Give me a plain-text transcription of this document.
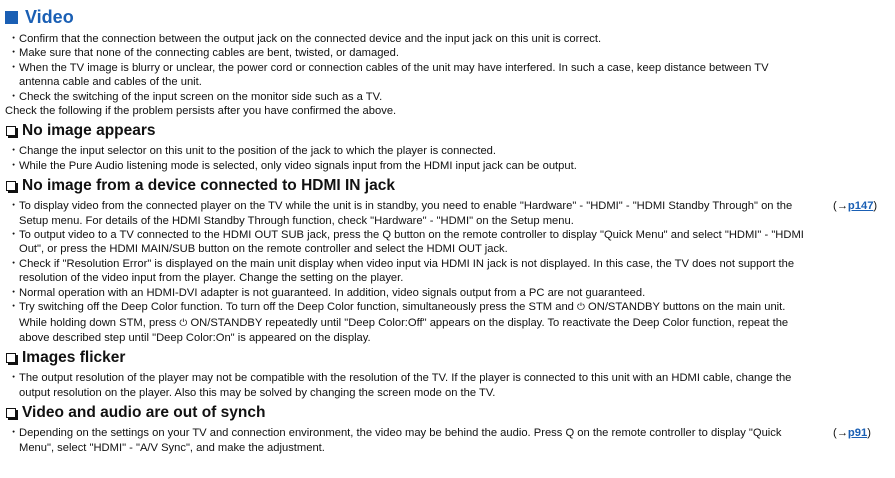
Video
・ Confirm that the connection between the output jack on the connected device and the input jack on this unit is correct.
・ Make sure that none of the connecting cables are bent, twisted, or damaged.
・ When the TV image is blurry or unclear, the power cord or connection cables of the unit may have interfered. In such a case, keep distance between TV antenna cable and cables of the unit.
・ Check the switching of the input screen on the monitor side such as a TV.
Check the following if the problem persists after you have confirmed the above.
No image appears
・ Change the input selector on this unit to the position of the jack to which the player is connected.
・ While the Pure Audio listening mode is selected, only video signals input from the HDMI input jack can be output.
No image from a device connected to HDMI IN jack
・ To display video from the connected player on the TV while the unit is in standby, you need to enable "Hardware" - "HDMI" - "HDMI Standby Through" on the Setup menu. For details of the HDMI Standby Through function, check "Hardware" - "HDMI" on the Setup menu.
(→p147)
・ To output video to a TV connected to the HDMI OUT SUB jack, press the Q button on the remote controller to display "Quick Menu" and select "HDMI" - "HDMI Out", or press the HDMI MAIN/SUB button on the remote controller and select the HDMI OUT jack.
・ Check if "Resolution Error" is displayed on the main unit display when video input via HDMI IN jack is not displayed. In this case, the TV does not support the resolution of the video input from the player. Change the setting on the player.
・ Normal operation with an HDMI-DVI adapter is not guaranteed. In addition, video signals output from a PC are not guaranteed.
・ Try switching off the Deep Color function. To turn off the Deep Color function, simultaneously press the STM and ⏻ ON/STANDBY buttons on the main unit. While holding down STM, press ⏻ ON/STANDBY repeatedly until "Deep Color:Off" appears on the display. To reactivate the Deep Color function, repeat the above described step until "Deep Color:On" is appeared on the display.
Images flicker
・ The output resolution of the player may not be compatible with the resolution of the TV. If the player is connected to this unit with an HDMI cable, change the output resolution on the player. Also this may be solved by changing the screen mode on the TV.
Video and audio are out of synch
・ Depending on the settings on your TV and connection environment, the video may be behind the audio. Press Q on the remote controller to display "Quick Menu", select "HDMI" - "A/V Sync", and make the adjustment.
(→p91)
